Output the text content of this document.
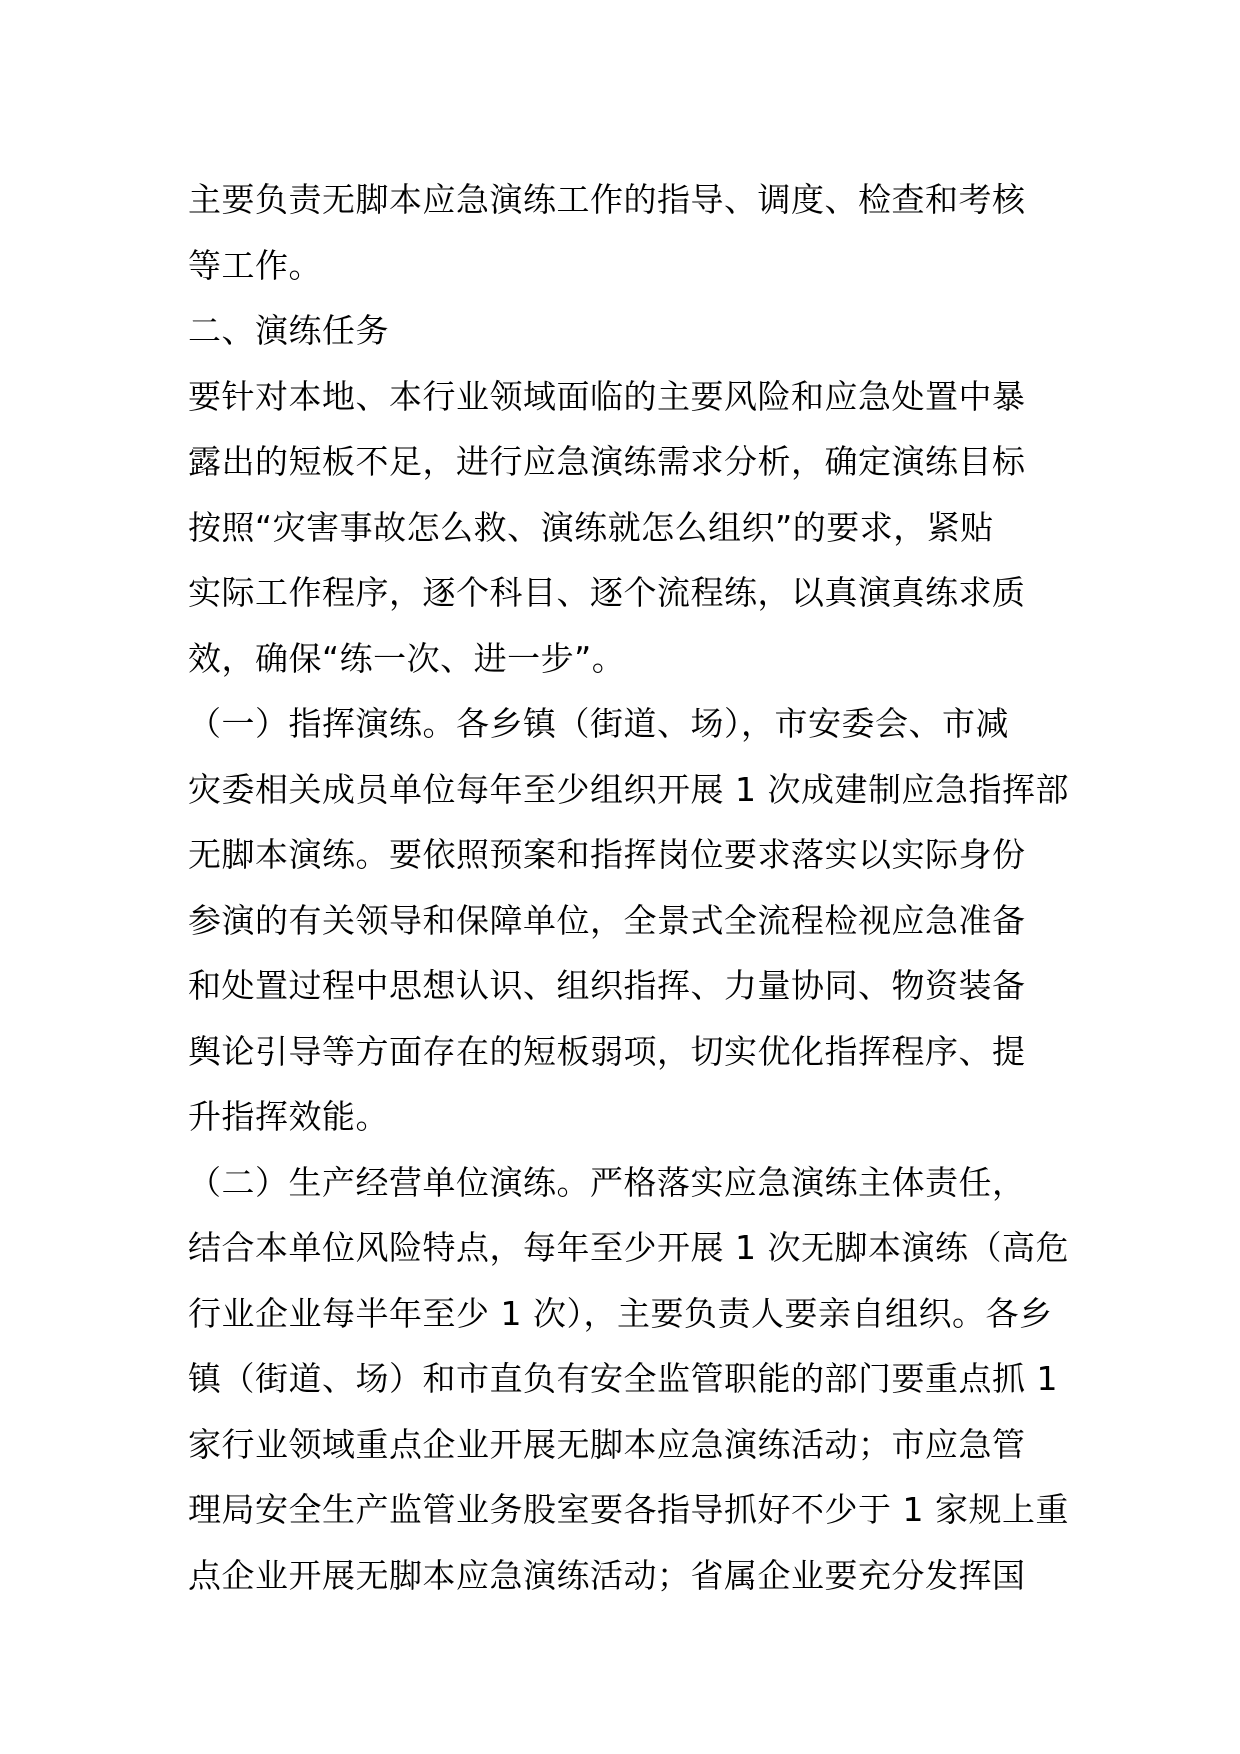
主要负责无脚本应急演练工作的指导、调度、检查和考核
等工作。
二、演练任务
要针对本地、本行业领域面临的主要风险和应急处置中暴
露出的短板不足，进行应急演练需求分析，确定演练目标
按照“灾害事故怎么救、演练就怎么组织”的要求，紧贴
实际工作程序，逐个科目、逐个流程练，以真演真练求质
效，确保“练一次、进一步”。
（一）指挥演练。各乡镇（街道、场），市安委会、市减
灾委相关成员单位每年至少组织开展 1 次成建制应急指挥部
无脚本演练。要依照预案和指挥岗位要求落实以实际身份
参演的有关领导和保障单位，全景式全流程检视应急准备
和处置过程中思想认识、组织指挥、力量协同、物资装备
舆论引导等方面存在的短板弱项，切实优化指挥程序、提
升指挥效能。
（二）生产经营单位演练。严格落实应急演练主体责任，
结合本单位风险特点，每年至少开展 1 次无脚本演练（高危
行业企业每半年至少 1 次），主要负责人要亲自组织。各乡
镇（街道、场）和市直负有安全监管职能的部门要重点抓 1
家行业领域重点企业开展无脚本应急演练活动；市应急管
理局安全生产监管业务股室要各指导抓好不少于 1 家规上重
点企业开展无脚本应急演练活动；省属企业要充分发挥国
